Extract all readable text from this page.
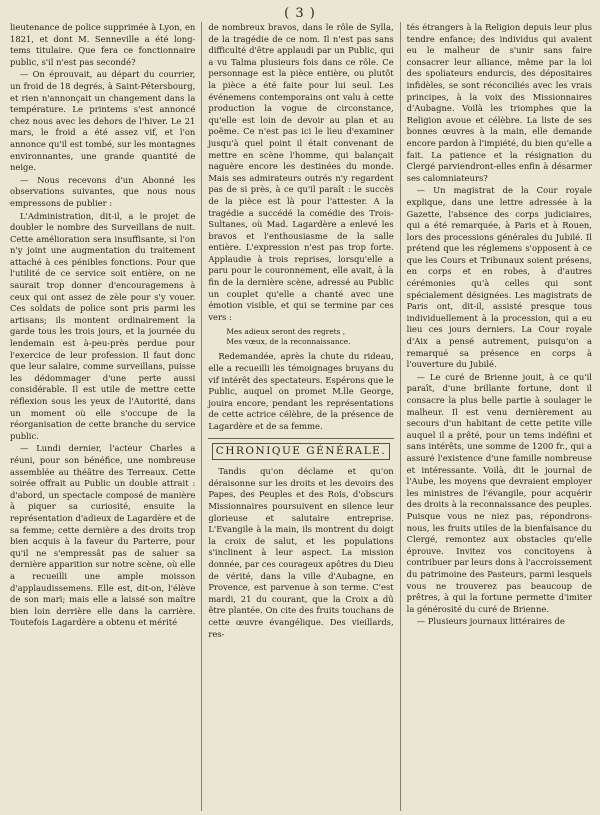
( 3 )

lieutenance de police supprimée à Lyon, en 1821, et dont M. Senneville a été long-tems titulaire. Que fera ce fonctionnaire public, s'il n'est pas secondé?

— On éprouvait, au départ du courrier, un froid de 18 degrés, à Saint-Pétersbourg, et rien n'annonçait un changement dans la température. Le printems s'est annoncé chez nous avec les dehors de l'hiver. Le 21 mars, le froid a été assez vif, et l'on annonce qu'il est tombé, sur les montagnes environnantes, une grande quantité de neige.

— Nous recevons d'un Abonné les observations suivantes, que nous nous empressons de publier :

L'Administration, dit-il, a le projet de doubler le nombre des Surveillans de nuit. Cette amélioration sera insuffisante, si l'on n'y joint une augmentation du traitement attaché à ces pénibles fonctions. Pour que l'utilité de ce service soit entière, on ne saurait trop donner d'encouragemens à ceux qui ont assez de zèle pour s'y vouer. Ces soldats de police sont pris parmi les artisans; ils montent ordinairement la garde tous les trois jours, et la journée du lendemain est à-peu-près perdue pour l'exercice de leur profession. Il faut donc que leur salaire, comme surveillans, puisse les dédommager d'une perte aussi considérable. Il est utile de mettre cette réflexion sous les yeux de l'Autorité, dans un moment où elle s'occupe de la réorganisation de cette branche du service public.

— Lundi dernier, l'acteur Charles a réuni, pour son bénéfice, une nombreuse assemblée au théâtre des Terreaux. Cette soirée offrait au Public un double attrait : d'abord, un spectacle composé de manière à piquer sa curiosité, ensuite la représentation d'adieux de Lagardère et de sa femme; cette dernière a des droits trop bien acquis à la faveur du Parterre, pour qu'il ne s'empressât pas de saluer sa dernière apparition sur notre scène, où elle a recueilli une ample moisson d'applaudissemens. Elle est, dit-on, l'élève de son mari; mais elle a laissé son maître bien loin derrière elle dans la carrière. Toutefois Lagardère a obtenu et mérité

de nombreux bravos, dans le rôle de Sylla, de la tragédie de ce nom. Il n'est pas sans difficulté d'être applaudi par un Public, qui a vu Talma plusieurs fois dans ce rôle. Ce personnage est la pièce entière, ou plutôt la pièce a été faite pour lui seul. Les événemens contemporains ont valu à cette production la vogue de circonstance, qu'elle est loin de devoir au plan et au poëme. Ce n'est pas ici le lieu d'examiner jusqu'à quel point il était convenant de mettre en scène l'homme, qui balançait naguère encore les destinées du monde. Mais ses admirateurs outrés n'y regardent pas de si près, à ce qu'il paraît : le succès de la pièce est là pour l'attester. A la tragédie a succédé la comédie des Trois-Sultanes, où Mad. Lagardère a enlevé les bravos et l'enthousiasme de la salle entière. L'expression n'est pas trop forte. Applaudie à trois reprises, lorsqu'elle a paru pour le couronnement, elle avait, à la fin de la dernière scène, adressé au Public un couplet qu'elle a chanté avec une émotion visible, et qui se termine par ces vers :

Mes adieux seront des regrets ,
Mes vœux, de la reconnaissance.

Redemandée, après la chute du rideau, elle a recueilli les témoignages bruyans du vif intérêt des spectateurs. Espérons que le Public, auquel on promet M.lle George, jouira encore, pendant les représentations de cette actrice célèbre, de la présence de Lagardère et de sa femme.

CHRONIQUE GÉNÉRALE.

Tandis qu'on déclame et qu'on déraisonne sur les droits et les devoirs des Papes, des Peuples et des Rois, d'obscurs Missionnaires poursuivent en silence leur glorieuse et salutaire entreprise. L'Evangile à la main, ils montrent du doigt la croix de salut, et les populations s'inclinent à leur aspect. La mission donnée, par ces courageux apôtres du Dieu de vérité, dans la ville d'Aubagne, en Provence, est parvenue à son terme. C'est mardi, 21 du courant, que la Croix a dû être plantée. On cite des fruits touchans de cette œuvre évangélique. Des vieillards, res-

tés étrangers à la Religion depuis leur plus tendre enfance; des individus qui avaient eu le malheur de s'unir sans faire consacrer leur alliance, même par la loi des spoliateurs endurcis, des dépositaires infidèles, se sont réconciliés avec les vrais principes, à la voix des Missionnaires d'Aubagne. Voilà les triomphes que la Religion avoue et célèbre. La liste de ses bonnes œuvres à la main, elle demande encore pardon à l'impiété, du bien qu'elle a fait. La patience et la résignation du Clergé parviendront-elles enfin à désarmer ses calomniateurs?

— Un magistrat de la Cour royale explique, dans une lettre adressée à la Gazette, l'absence des corps judiciaires, qui a été remarquée, à Paris et à Rouen, lors des processions générales du Jubilé. Il prétend que les réglemens s'opposent à ce que les Cours et Tribunaux soient présens, en corps et en robes, à d'autres cérémonies qu'à celles qui sont spécialement désignées. Les magistrats de Paris ont, dit-il, assisté presque tous individuellement à la procession, qui a eu lieu ces jours derniers. La Cour royale d'Aix a pensé autrement, puisqu'on a remarqué sa présence en corps à l'ouverture du Jubilé.

— Le curé de Brienne jouit, à ce qu'il paraît, d'une brillante fortune, dont il consacre la plus belle partie à soulager le malheur. Il est venu dernièrement au secours d'un habitant de cette petite ville auquel il a prêté, pour un tems indéfini et sans intérêts, une somme de 1200 fr., qui a assuré l'existence d'une famille nombreuse et intéressante. Voilà, dit le journal de l'Aube, les moyens que devraient employer les ministres de l'évangile, pour acquérir des droits à la reconnaissance des peuples. Puisque vous ne niez pas, répondrons-nous, les fruits utiles de la bienfaisance du Clergé, remontez aux obstacles qu'elle éprouve. Invitez vos concitoyens à contribuer par leurs dons à l'accroissement du patrimoine des Pasteurs, parmi lesquels vous ne trouverez pas beaucoup de prêtres, à qui la fortune permette d'imiter la générosité du curé de Brienne.

— Plusieurs journaux littéraires de
